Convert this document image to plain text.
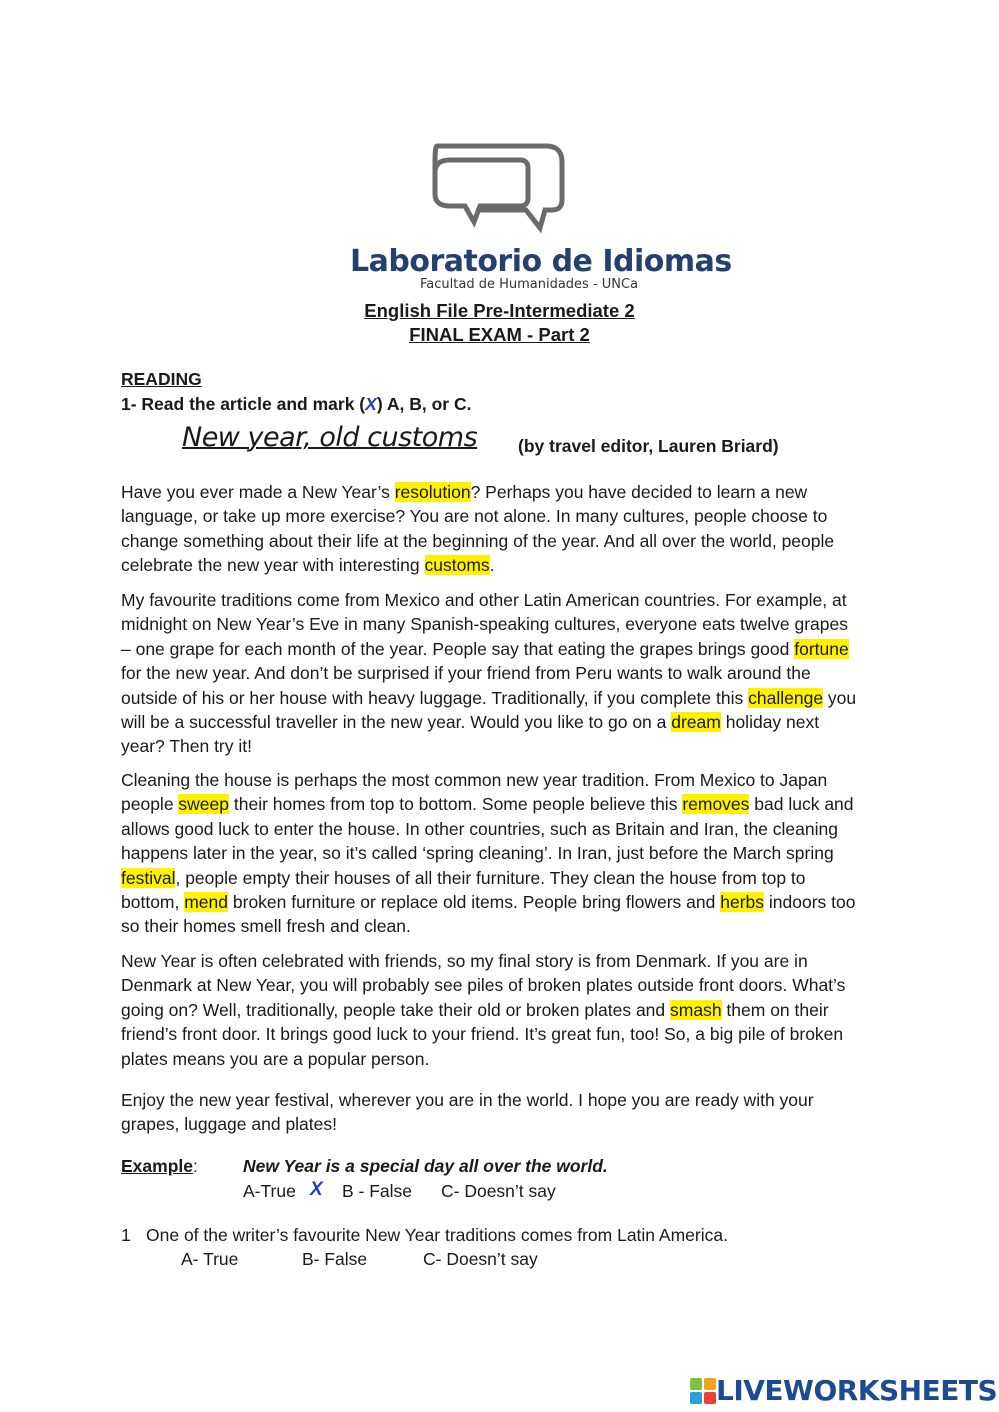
Laboratorio de Idiomas
Facultad de Humanidades - UNCa
English File Pre-Intermediate 2
FINAL EXAM - Part 2
READING
1- Read the article and mark (X) A, B, or C.
New year, old customs (by travel editor, Lauren Briard)
Have you ever made a New Year’s resolution? Perhaps you have decided to learn a new language, or take up more exercise? You are not alone. In many cultures, people choose to change something about their life at the beginning of the year. And all over the world, people celebrate the new year with interesting customs.
My favourite traditions come from Mexico and other Latin American countries. For example, at midnight on New Year’s Eve in many Spanish-speaking cultures, everyone eats twelve grapes – one grape for each month of the year. People say that eating the grapes brings good fortune for the new year. And don’t be surprised if your friend from Peru wants to walk around the outside of his or her house with heavy luggage. Traditionally, if you complete this challenge you will be a successful traveller in the new year. Would you like to go on a dream holiday next year? Then try it!
Cleaning the house is perhaps the most common new year tradition. From Mexico to Japan people sweep their homes from top to bottom. Some people believe this removes bad luck and allows good luck to enter the house. In other countries, such as Britain and Iran, the cleaning happens later in the year, so it’s called ‘spring cleaning’. In Iran, just before the March spring festival, people empty their houses of all their furniture. They clean the house from top to bottom, mend broken furniture or replace old items. People bring flowers and herbs indoors too so their homes smell fresh and clean.
New Year is often celebrated with friends, so my final story is from Denmark. If you are in Denmark at New Year, you will probably see piles of broken plates outside front doors. What’s going on? Well, traditionally, people take their old or broken plates and smash them on their friend’s front door. It brings good luck to your friend. It’s great fun, too! So, a big pile of broken plates means you are a popular person.
Enjoy the new year festival, wherever you are in the world. I hope you are ready with your grapes, luggage and plates!
Example:	New Year is a special day all over the world.
A-True X B - False C- Doesn’t say
1 One of the writer’s favourite New Year traditions comes from Latin America.
A- True	B- False	C- Doesn’t say
LIVEWORKSHEETS
